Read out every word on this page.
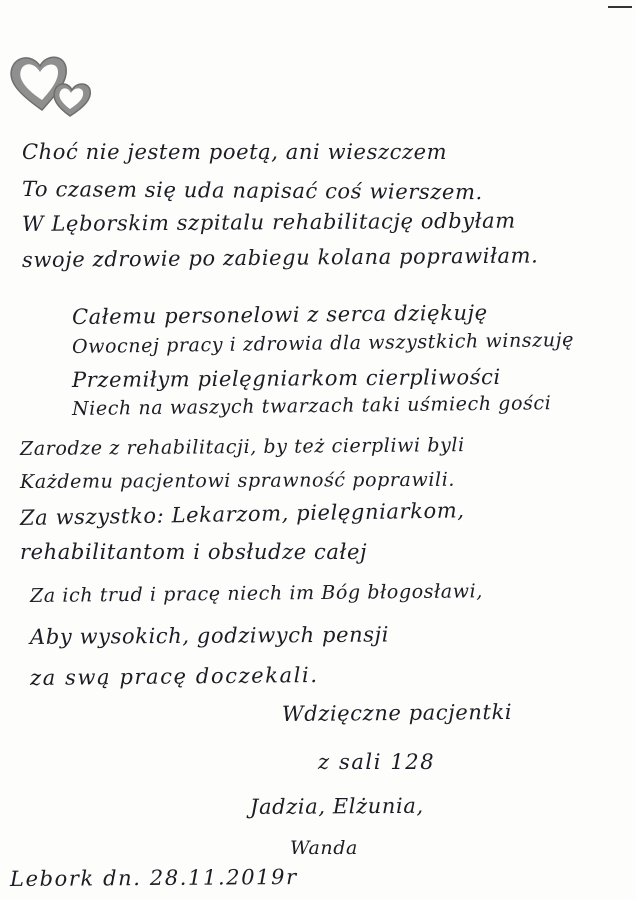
Choć nie jestem poetą, ani wieszczem
To czasem się uda napisać coś wierszem.
W Lęborskim szpitalu rehabilitację odbyłam
swoje zdrowie po zabiegu kolana poprawiłam.
Całemu personelowi z serca dziękuję
Owocnej pracy i zdrowia dla wszystkich winszuję
Przemiłym pielęgniarkom cierpliwości
Niech na waszych twarzach taki uśmiech gości
Zarodze z rehabilitacji, by też cierpliwi byli
Każdemu pacjentowi sprawność poprawili.
Za wszystko: Lekarzom, pielęgniarkom,
rehabilitantom i obsłudze całej
Za ich trud i pracę niech im Bóg błogosławi,
Aby wysokich, godziwych pensji
za swą pracę doczekali.
Wdzięczne pacjentki
z sali 128
Jadzia, Elżunia,
Wanda
Lebork dn. 28.11.2019r
